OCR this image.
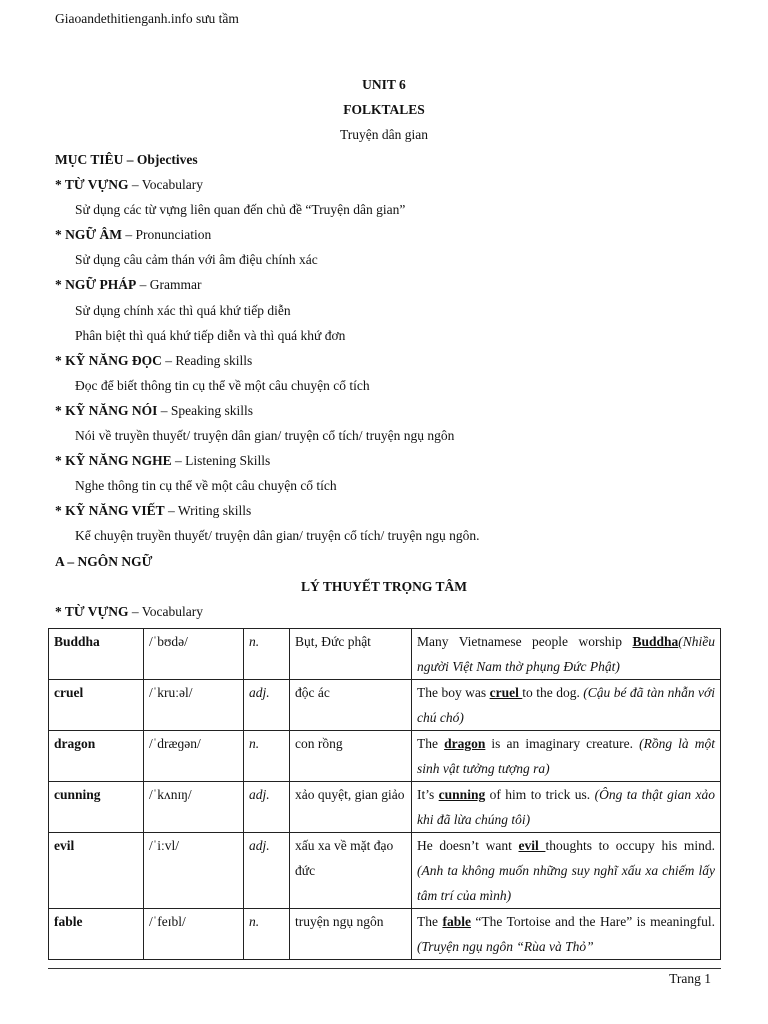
Giaoandethitienganh.info sưu tầm
UNIT 6
FOLKTALES
Truyện dân gian
MỤC TIÊU – Objectives
* TỪ VỰNG – Vocabulary
Sử dụng các từ vựng liên quan đến chủ đề “Truyện dân gian”
* NGỮ ÂM – Pronunciation
Sử dụng câu cảm thán với âm điệu chính xác
* NGỮ PHÁP – Grammar
Sử dụng chính xác thì quá khứ tiếp diễn
Phân biệt thì quá khứ tiếp diễn và thì quá khứ đơn
* KỸ NĂNG ĐỌC – Reading skills
Đọc để biết thông tin cụ thể về một câu chuyện cổ tích
* KỸ NĂNG NÓI – Speaking skills
Nói về truyền thuyết/ truyện dân gian/ truyện cổ tích/ truyện ngụ ngôn
* KỸ NĂNG NGHE – Listening Skills
Nghe thông tin cụ thể về một câu chuyện cổ tích
* KỸ NĂNG VIẾT – Writing skills
Kể chuyện truyền thuyết/ truyện dân gian/ truyện cổ tích/ truyện ngụ ngôn.
A – NGÔN NGỮ
LÝ THUYẾT TRỌNG TÂM
* TỪ VỰNG – Vocabulary
Buddha	/ˈbʊdə/	n.	Bụt, Đức phật	Many Vietnamese people worship Buddha(Nhiều người Việt Nam thờ phụng Đức Phật)
cruel	/ˈkruːəl/	adj.	độc ác	The boy was cruel to the dog. (Cậu bé đã tàn nhẫn với chú chó)
dragon	/ˈdræɡən/	n.	con rồng	The dragon is an imaginary creature. (Rồng là một sinh vật tưởng tượng ra)
cunning	/ˈkʌnɪŋ/	adj.	xảo quyệt, gian giảo	It’s cunning of him to trick us. (Ông ta thật gian xảo khi đã lừa chúng tôi)
evil	/ˈiːvl/	adj.	xấu xa về mặt đạo đức	He doesn’t want evil thoughts to occupy his mind. (Anh ta không muốn những suy nghĩ xấu xa chiếm lấy tâm trí của mình)
fable	/ˈfeɪbl/	n.	truyện ngụ ngôn	The fable “The Tortoise and the Hare” is meaningful. (Truyện ngụ ngôn “Rùa và Thỏ”
Trang 1
